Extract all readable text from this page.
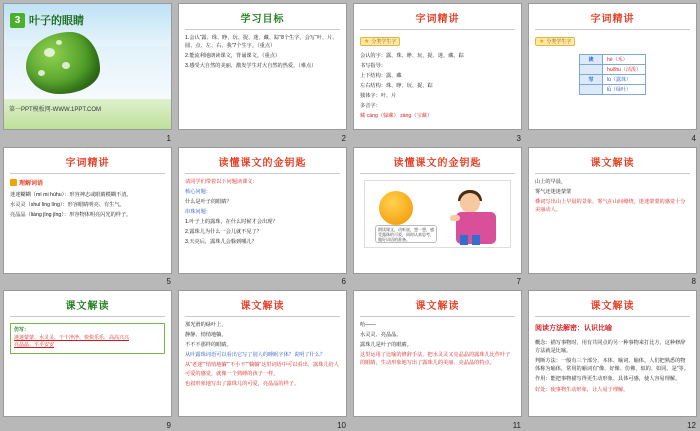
3 叶子的眼睛
第一PPT模板网-WWW.1PPT.COM
1
学习目标

1.会认“露、珠、睁、玩、捉、迷、藏、踪”8个生字，会写“叶、片、圆、点、左、右、我”7个生字。（重点）

2.能流利地朗读课文，背诵课文。（重点）

3.感受大自然的美丽，激发学生对大自然的热爱。（难点）

2
字词精讲
★ 分类学生字

会认的字：露、珠、睁、玩、捉、迷、藏、踪

书写指导：

上下结构：露、藏

左右结构：珠、睁、玩、捉、踪

独体字：叶、片

多音字：

藏 cáng（躲藏） zàng（宝藏）

3
字词精讲
★ 分类学生字
读	hé（禾）
	huǒhu（活泼）
写	lù（露珠）
	lǜ（绿叶）
4
字词精讲
理解词语

迷迷糊糊（mí mi húhu）：形容神志或眼睛模糊不清。

水灵灵（shuǐ líng líng）：形容眼睛明亮、有生气。

亮晶晶（liàng jīng jīng）：形容物体明亮闪光的样子。

5
读懂课文的金钥匙

请同学们带着以下问题读课文：

核心问题：

什么是叶子的眼睛？

串珠问题：

1.叶子上的露珠，在什么时候才会出现？

2.露珠儿为什么一会儿就不见了？

3.天亮后，露珠儿会躲到哪儿？

6
读懂课文的金钥匙
朗读课文，动听说，想一想，感受露珠的可爱，同时认真思考，做好词语的准备。
7
课文解读

山上的早晨，

雾气还迷迷蒙蒙

叠词写出山上早晨的景象，雾气在山间缭绕，迷迷蒙蒙的感觉十分美丽动人。

8
课文解读
仿写：
迷迷蒙蒙、水灵灵、干干净净、快快乐乐、高高兴兴
亮晶晶、平平安安
9
课文解读

那光滑的绿叶上，

静静、悄悄地躺，

不不不那样的眼睛。

从叶露珠词语可以看出它写了别人的睡眠字体？说明了什么？

从“老迷”“悄悄地躺”“不小不”“躺躺”这里词语中可以看出，露珠儿给人可爱的感觉，就像一个熟睡的孩子一样。

也叙形象地写出了露珠儿的可爱，亮晶晶的样子。

10
课文解读

哈——

水灵灵、亮晶晶。

露珠儿是叶子的眼睛。

这里运用了比喻的修辞手法，把水灵灵又亮晶晶的露珠儿比作叶子的眼睛，生动形象地写出了露珠儿的美丽、亮晶晶的特点。

11
课文解读
阅读方法解密：认识比喻

概念：描写事物时，用有共同点的另一种事物来打比方，这种修辞方法就是比喻。

判断方法：一般有三个部分，本体、喻词、喻体。人们把熟悉的物体称为喻体，常用的喻词有“像、好像、仿佛、似的、如同、是”等。

作用：能把事物描写得更生动形象、具体可感，使人容易理解。

好处：使事物生动形象，让人易于理解。

12
